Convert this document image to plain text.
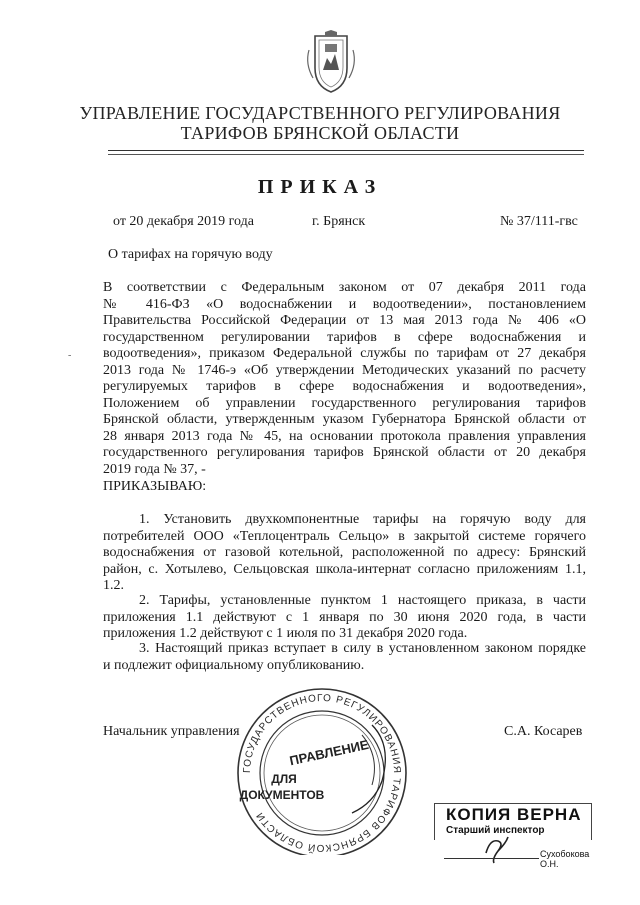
УПРАВЛЕНИЕ ГОСУДАРСТВЕННОГО РЕГУЛИРОВАНИЯ
ТАРИФОВ БРЯНСКОЙ ОБЛАСТИ
ПРИКАЗ
от 20 декабря 2019 года	г. Брянск	№ 37/111-гвс
О тарифах на горячую воду
-
В соответствии с Федеральным законом от 07 декабря 2011 года
№ 416-ФЗ «О водоснабжении и водоотведении», постановлением
Правительства Российской Федерации от 13 мая 2013 года № 406 «О
государственном регулировании тарифов в сфере водоснабжения и
водоотведения», приказом Федеральной службы по тарифам от 27 декабря
2013 года № 1746-э «Об утверждении Методических указаний по расчету
регулируемых тарифов в сфере водоснабжения и водоотведения»,
Положением об управлении государственного регулирования тарифов
Брянской области, утвержденным указом Губернатора Брянской области от
28 января 2013 года № 45, на основании протокола правления управления
государственного регулирования тарифов Брянской области от 20 декабря
2019 года № 37, -
ПРИКАЗЫВАЮ:
1. Установить двухкомпонентные тарифы на горячую воду для
потребителей ООО «Теплоцентраль Сельцо» в закрытой системе горячего
водоснабжения от газовой котельной, расположенной по адресу: Брянский
район, с. Хотылево, Сельцовская школа-интернат согласно приложениям 1.1,
1.2.
2. Тарифы, установленные пунктом 1 настоящего приказа, в части
приложения 1.1 действуют с 1 января по 30 июня 2020 года, в части
приложения 1.2 действуют с 1 июля по 31 декабря 2020 года.
3. Настоящий приказ вступает в силу в установленном законом порядке
и подлежит официальному опубликованию.
Начальник управления	С.А. Косарев
ГОСУДАРСТВЕННОГО РЕГУЛИРОВАНИЯ ТАРИФОВ БРЯНСКОЙ ОБЛАСТИ
ПРАВЛЕНИЕ
ДЛЯ
ДОКУМЕНТОВ
КОПИЯ ВЕРНА
Старший инспектор
Сухобокова О.Н.
